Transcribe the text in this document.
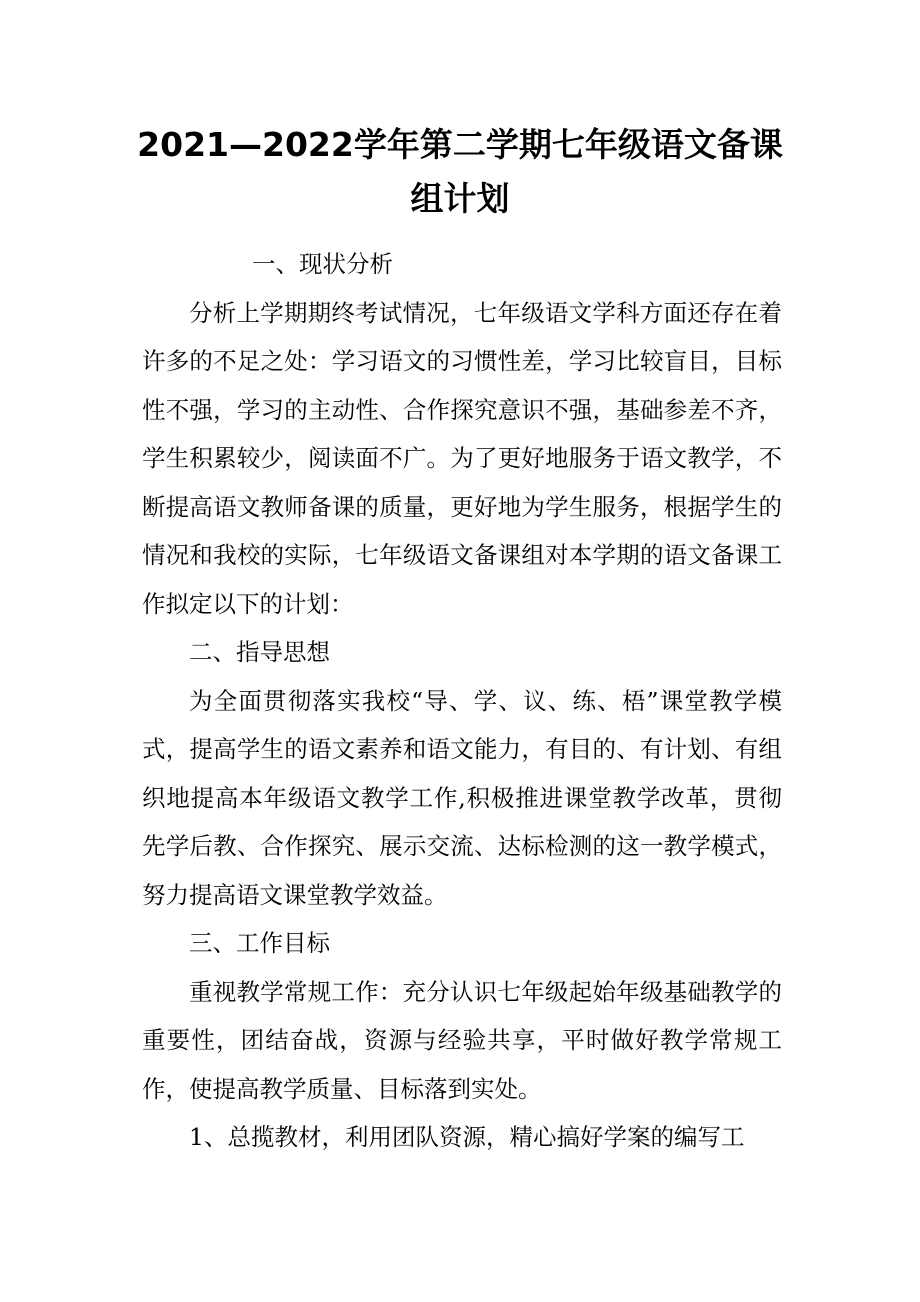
2021—2022学年第二学期七年级语文备课
组计划

一、现状分析

分析上学期期终考试情况，七年级语文学科方面还存在着许多的不足之处：学习语文的习惯性差，学习比较盲目，目标性不强，学习的主动性、合作探究意识不强，基础参差不齐，学生积累较少，阅读面不广。为了更好地服务于语文教学，不断提高语文教师备课的质量，更好地为学生服务，根据学生的情况和我校的实际，七年级语文备课组对本学期的语文备课工作拟定以下的计划：

二、指导思想

为全面贯彻落实我校“导、学、议、练、梧”课堂教学模式，提高学生的语文素养和语文能力，有目的、有计划、有组织地提高本年级语文教学工作,积极推进课堂教学改革，贯彻先学后教、合作探究、展示交流、达标检测的这一教学模式，努力提高语文课堂教学效益。

三、工作目标

重视教学常规工作：充分认识七年级起始年级基础教学的重要性，团结奋战，资源与经验共享，平时做好教学常规工作，使提高教学质量、目标落到实处。

1、总揽教材，利用团队资源，精心搞好学案的编写工
